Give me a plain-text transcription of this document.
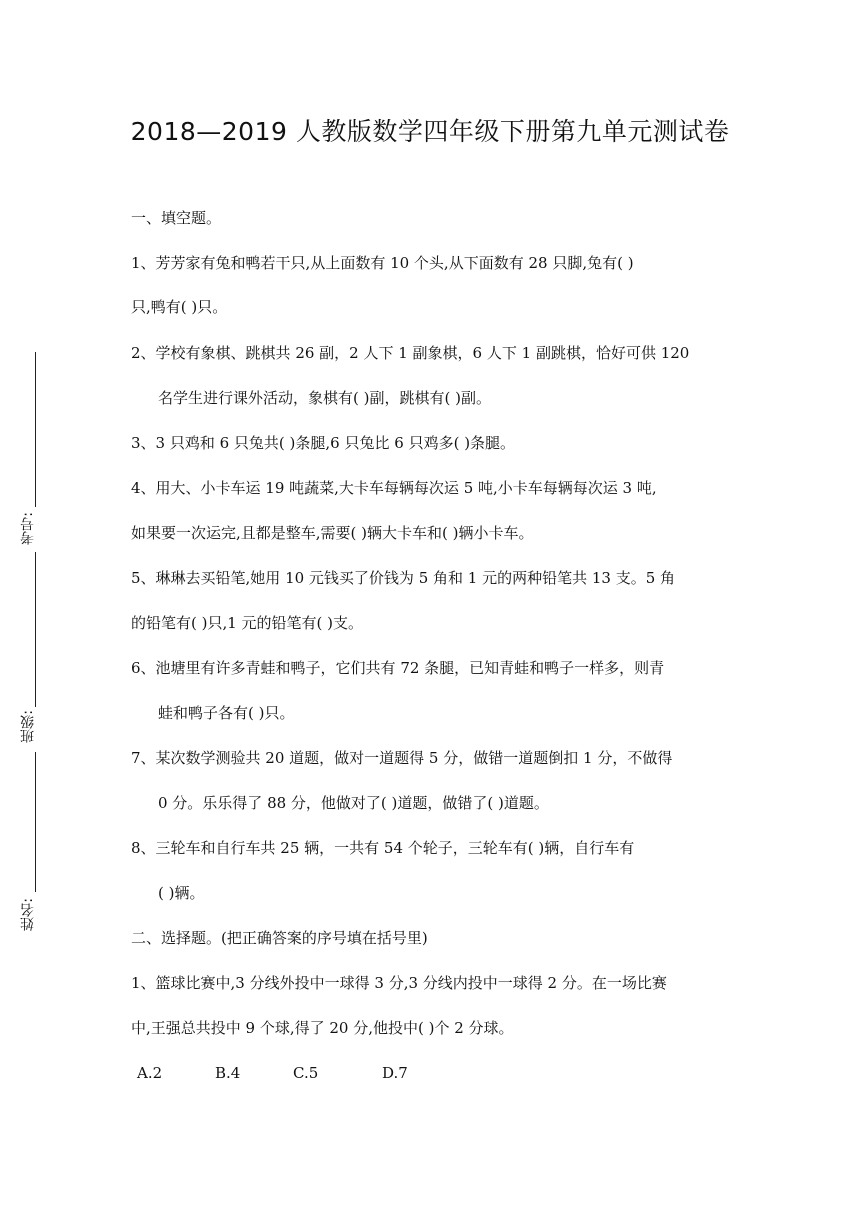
考号:
班级:
姓名:
2018—2019 人教版数学四年级下册第九单元测试卷
一、填空题。
1、芳芳家有兔和鸭若干只,从上面数有 10 个头,从下面数有 28 只脚,兔有( )
只,鸭有( )只。
2、学校有象棋、跳棋共 26 副，2 人下 1 副象棋，6 人下 1 副跳棋，恰好可供 120
名学生进行课外活动，象棋有( )副，跳棋有( )副。
3、3 只鸡和 6 只兔共( )条腿,6 只兔比 6 只鸡多( )条腿。
4、用大、小卡车运 19 吨蔬菜,大卡车每辆每次运 5 吨,小卡车每辆每次运 3 吨,
如果要一次运完,且都是整车,需要( )辆大卡车和( )辆小卡车。
5、琳琳去买铅笔,她用 10 元钱买了价钱为 5 角和 1 元的两种铅笔共 13 支。5 角
的铅笔有( )只,1 元的铅笔有( )支。
6、池塘里有许多青蛙和鸭子，它们共有 72 条腿，已知青蛙和鸭子一样多，则青
蛙和鸭子各有( )只。
7、某次数学测验共 20 道题，做对一道题得 5 分，做错一道题倒扣 1 分，不做得
0 分。乐乐得了 88 分，他做对了( )道题，做错了( )道题。
8、三轮车和自行车共 25 辆，一共有 54 个轮子，三轮车有( )辆，自行车有
( )辆。
二、选择题。(把正确答案的序号填在括号里)
1、篮球比赛中,3 分线外投中一球得 3 分,3 分线内投中一球得 2 分。在一场比赛
中,王强总共投中 9 个球,得了 20 分,他投中( )个 2 分球。
A.2	B.4	C.5	D.7
